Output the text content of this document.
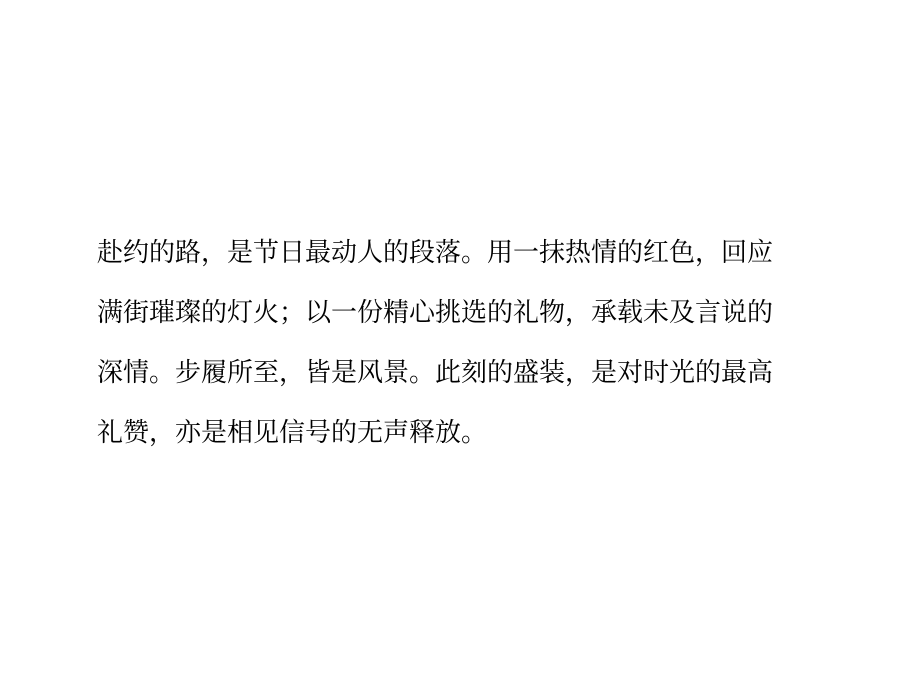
赴约的路，是节日最动人的段落。用一抹热情的红色，回应
满街璀璨的灯火；以一份精心挑选的礼物，承载未及言说的
深情。步履所至，皆是风景。此刻的盛装，是对时光的最高
礼赞，亦是相见信号的无声释放。
